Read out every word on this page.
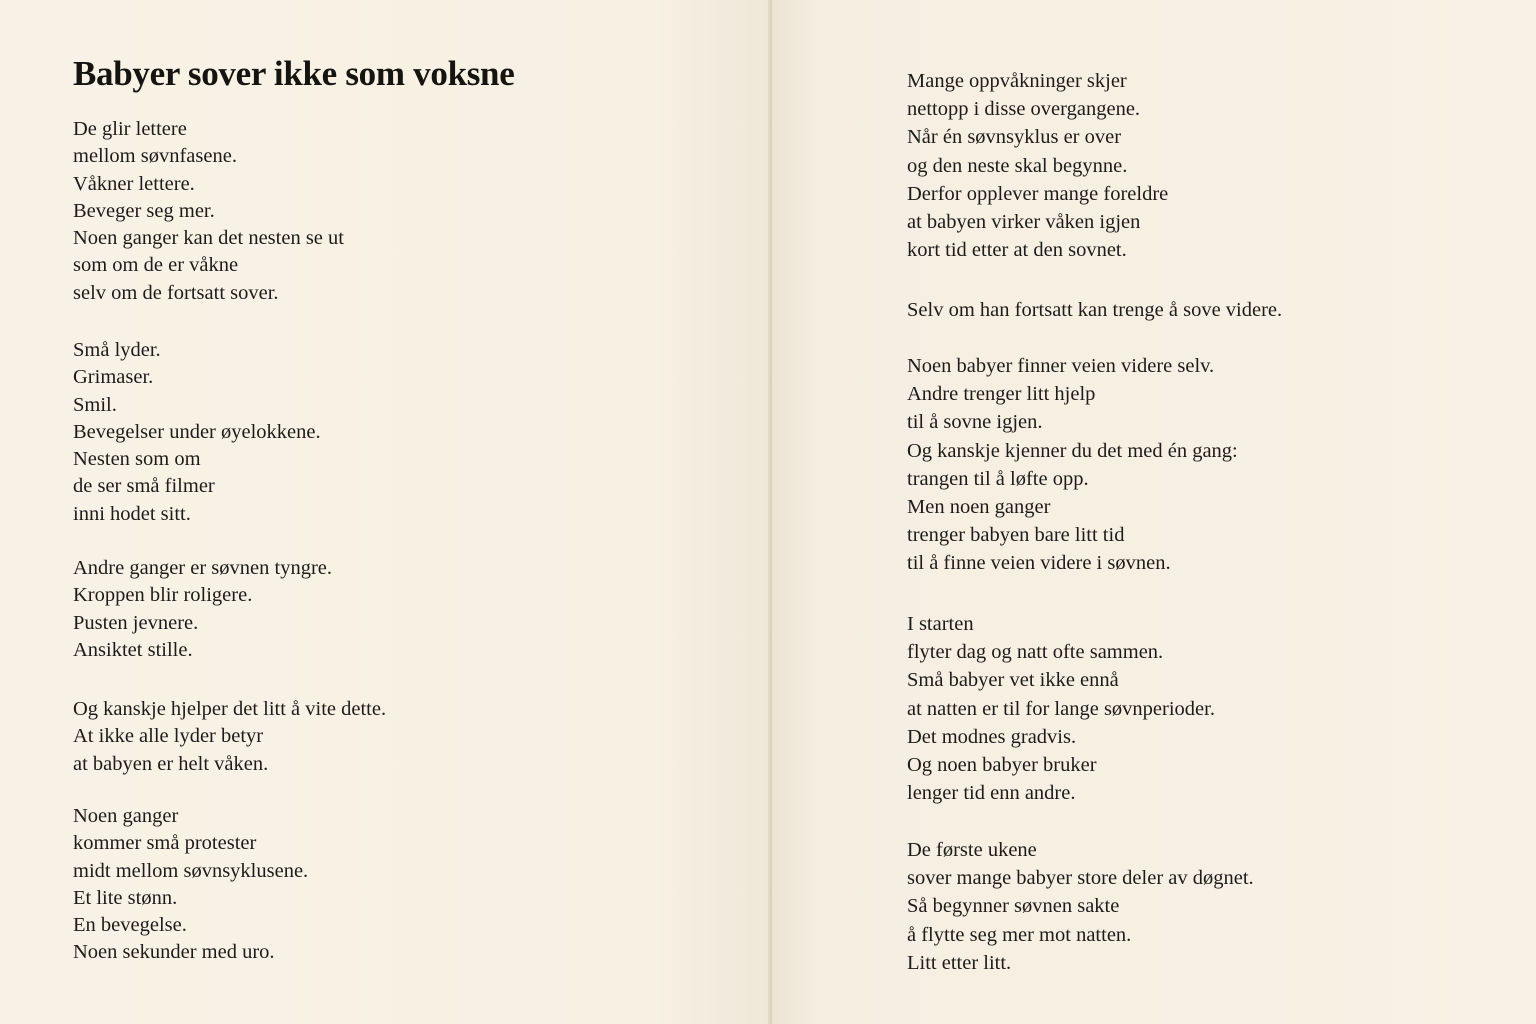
Babyer sover ikke som voksne

De glir lettere
mellom søvnfasene.
Våkner lettere.
Beveger seg mer.
Noen ganger kan det nesten se ut
som om de er våkne
selv om de fortsatt sover.

Små lyder.
Grimaser.
Smil.
Bevegelser under øyelokkene.
Nesten som om
de ser små filmer
inni hodet sitt.

Andre ganger er søvnen tyngre.
Kroppen blir roligere.
Pusten jevnere.
Ansiktet stille.

Og kanskje hjelper det litt å vite dette.
At ikke alle lyder betyr
at babyen er helt våken.

Noen ganger
kommer små protester
midt mellom søvnsyklusene.
Et lite stønn.
En bevegelse.
Noen sekunder med uro.

Mange oppvåkninger skjer
nettopp i disse overgangene.
Når én søvnsyklus er over
og den neste skal begynne.
Derfor opplever mange foreldre
at babyen virker våken igjen
kort tid etter at den sovnet.

Selv om han fortsatt kan trenge å sove videre.

Noen babyer finner veien videre selv.
Andre trenger litt hjelp
til å sovne igjen.
Og kanskje kjenner du det med én gang:
trangen til å løfte opp.
Men noen ganger
trenger babyen bare litt tid
til å finne veien videre i søvnen.

I starten
flyter dag og natt ofte sammen.
Små babyer vet ikke ennå
at natten er til for lange søvnperioder.
Det modnes gradvis.
Og noen babyer bruker
lenger tid enn andre.

De første ukene
sover mange babyer store deler av døgnet.
Så begynner søvnen sakte
å flytte seg mer mot natten.
Litt etter litt.
